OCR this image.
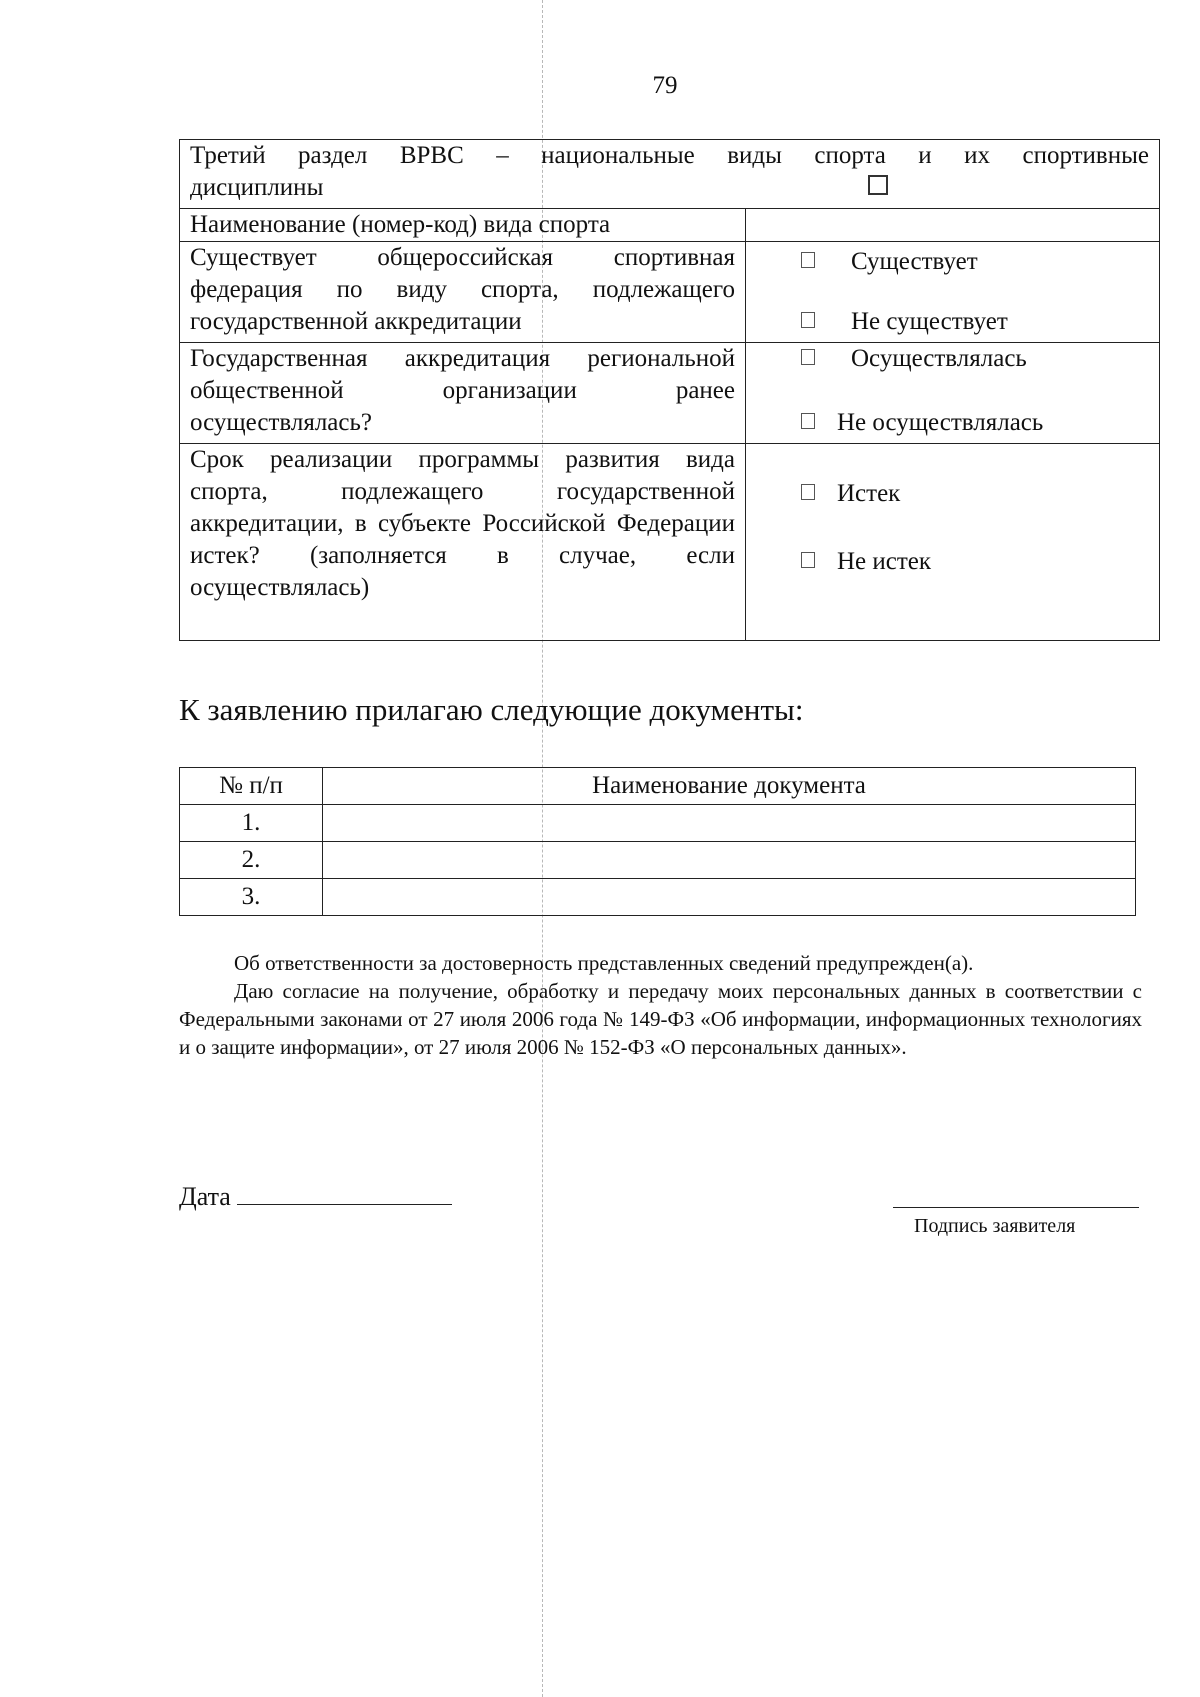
79
Третий раздел ВРВС – национальные виды спорта и их спортивные
дисциплины	

Наименование (номер-код) вида спорта	
Существует общероссийская спортивная федерация по виду спорта, подлежащего государственной аккредитации	Существует
Не существует

Государственная аккредитация региональной общественной организации ранее осуществлялась?	Осуществлялась
Не осуществлялась

Срок реализации программы развития вида спорта, подлежащего государственной аккредитации, в субъекте Российской Федерации истек? (заполняется в случае, если осуществлялась)	Истек
Не истек
К заявлению прилагаю следующие документы:
№ п/п	Наименование документа
1.	
2.	
3.	
Об ответственности за достоверность представленных сведений предупрежден(а).
Даю согласие на получение, обработку и передачу моих персональных данных в соответствии с Федеральными законами от 27 июля 2006 года № 149-ФЗ «Об информации, информационных технологиях и о защите информации», от 27 июля 2006 № 152-ФЗ «О персональных данных».
Дата
Подпись заявителя
